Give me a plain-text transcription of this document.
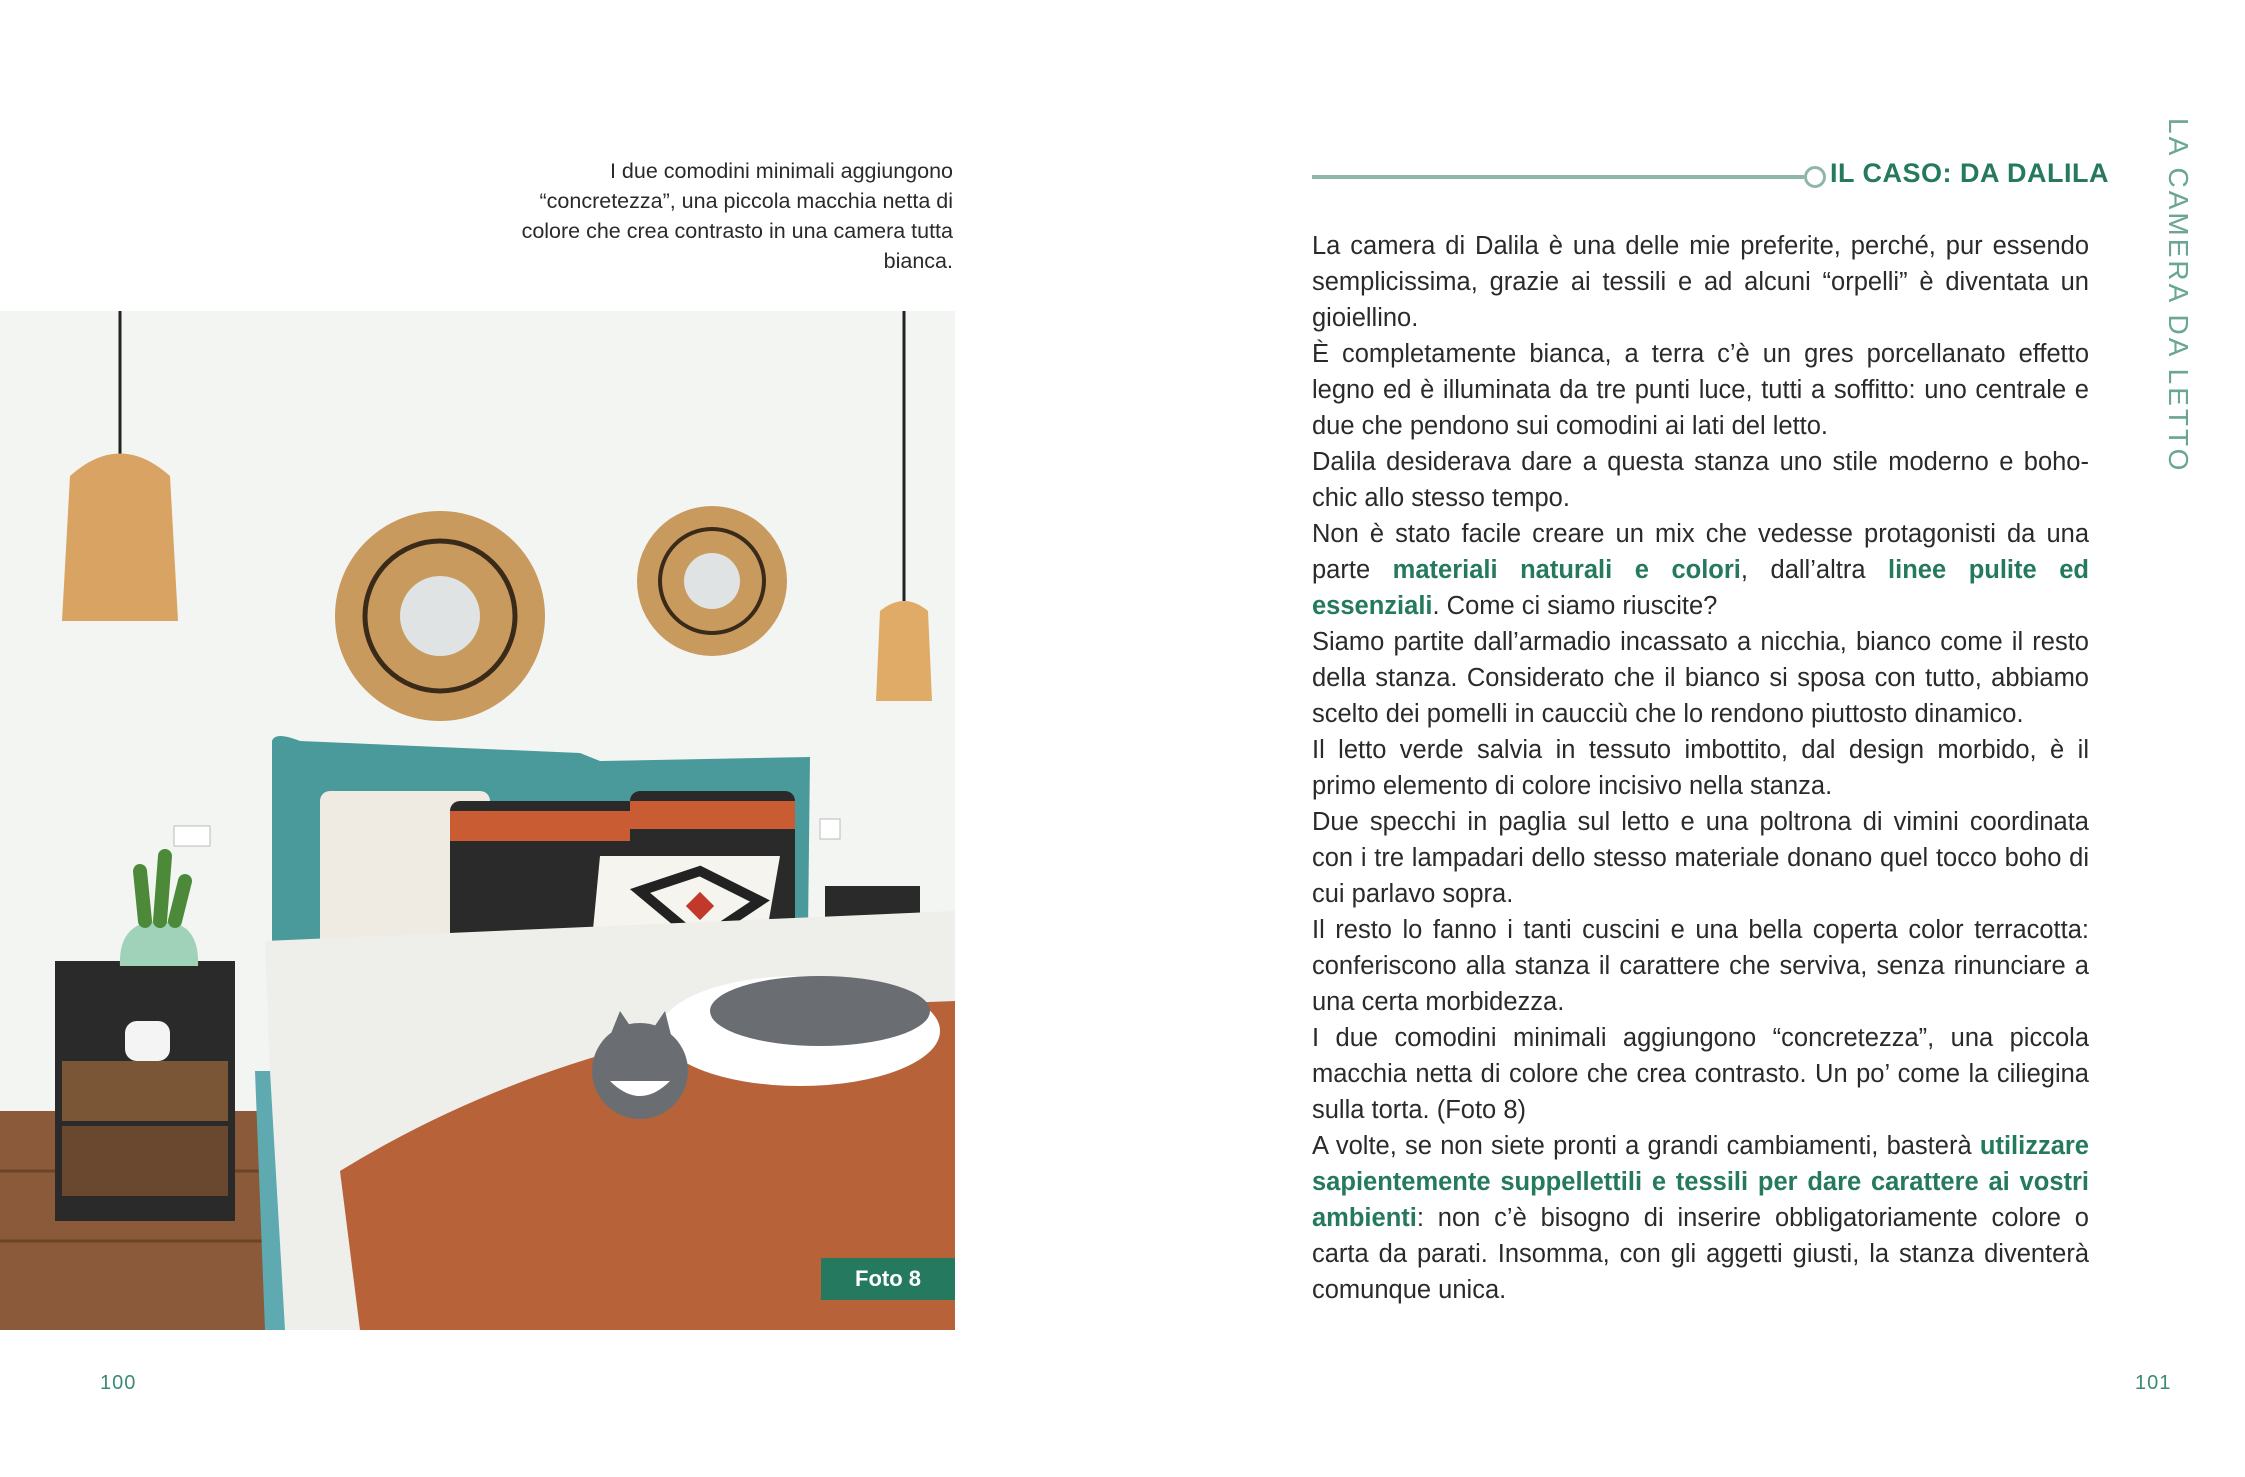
I due comodini minimali aggiungono “concretezza”, una piccola macchia netta di colore che crea contrasto in una camera tutta bianca.
Foto 8
100
IL CASO: DA DALILA LA CAMERA DA LETTO

La camera di Dalila è una delle mie preferite, perché, pur essendo semplicissima, grazie ai tessili e ad alcuni “orpelli” è diventata un gioiellino.

È completamente bianca, a terra c’è un gres porcellanato effetto legno ed è illuminata da tre punti luce, tutti a soffitto: uno centrale e due che pendono sui comodini ai lati del letto.

Dalila desiderava dare a questa stanza uno stile moderno e boho-chic allo stesso tempo.

Non è stato facile creare un mix che vedesse protagonisti da una parte materiali naturali e colori, dall’altra linee pulite ed essenziali. Come ci siamo riuscite?

Siamo partite dall’armadio incassato a nicchia, bianco come il resto della stanza. Considerato che il bianco si sposa con tutto, abbiamo scelto dei pomelli in caucciù che lo rendono piuttosto dinamico.

Il letto verde salvia in tessuto imbottito, dal design morbido, è il primo elemento di colore incisivo nella stanza.

Due specchi in paglia sul letto e una poltrona di vimini coordinata con i tre lampadari dello stesso materiale donano quel tocco boho di cui parlavo sopra.

Il resto lo fanno i tanti cuscini e una bella coperta color terracotta: conferiscono alla stanza il carattere che serviva, senza rinunciare a una certa morbidezza.

I due comodini minimali aggiungono “concretezza”, una piccola macchia netta di colore che crea contrasto. Un po’ come la ciliegina sulla torta. (Foto 8)

A volte, se non siete pronti a grandi cambiamenti, basterà utilizzare sapientemente suppellettili e tessili per dare carattere ai vostri ambienti: non c’è bisogno di inserire obbligatoriamente colore o carta da parati. Insomma, con gli aggetti giusti, la stanza diventerà comunque unica.

101
